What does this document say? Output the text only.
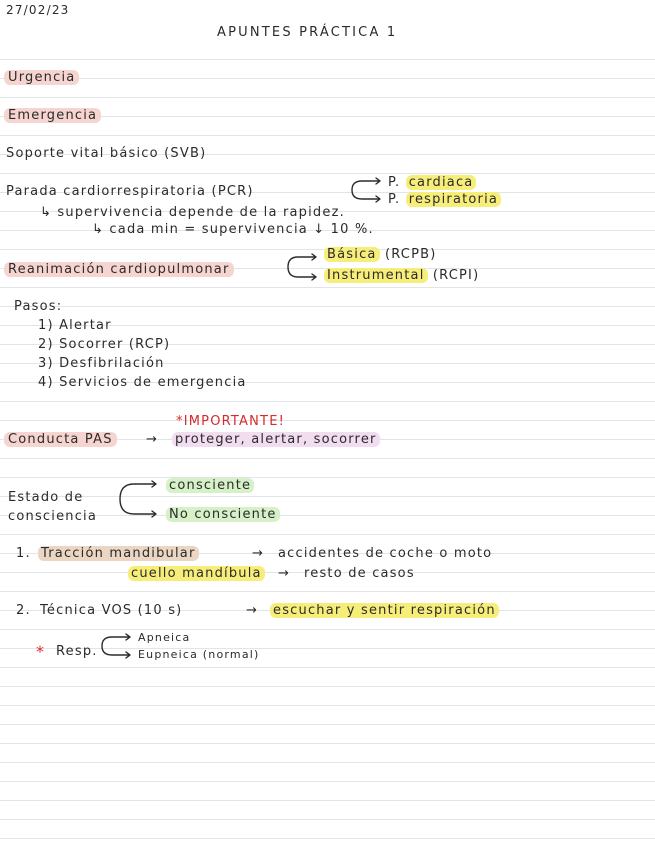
27/02/23
APUNTES PRÁCTICA 1
Urgencia
Emergencia
Soporte vital básico (SVB)
Parada cardiorrespiratoria (PCR)
P. cardiaca
P. respiratoria
↳ supervivencia depende de la rapidez.
↳ cada min = supervivencia ↓ 10 %.
Reanimación cardiopulmonar
Básica (RCPB)
Instrumental (RCPI)
Pasos:
1) Alertar
2) Socorrer (RCP)
3) Desfibrilación
4) Servicios de emergencia
*IMPORTANTE!
Conducta PAS	→ proteger, alertar, socorrer
Estado de
consciencia
consciente
No consciente
1. Tracción mandibular	→ accidentes de coche o moto
cuello mandíbula → resto de casos
2. Técnica VOS (10 s)	→ escuchar y sentir respiración
* Resp.
Apneica
Eupneica (normal)
